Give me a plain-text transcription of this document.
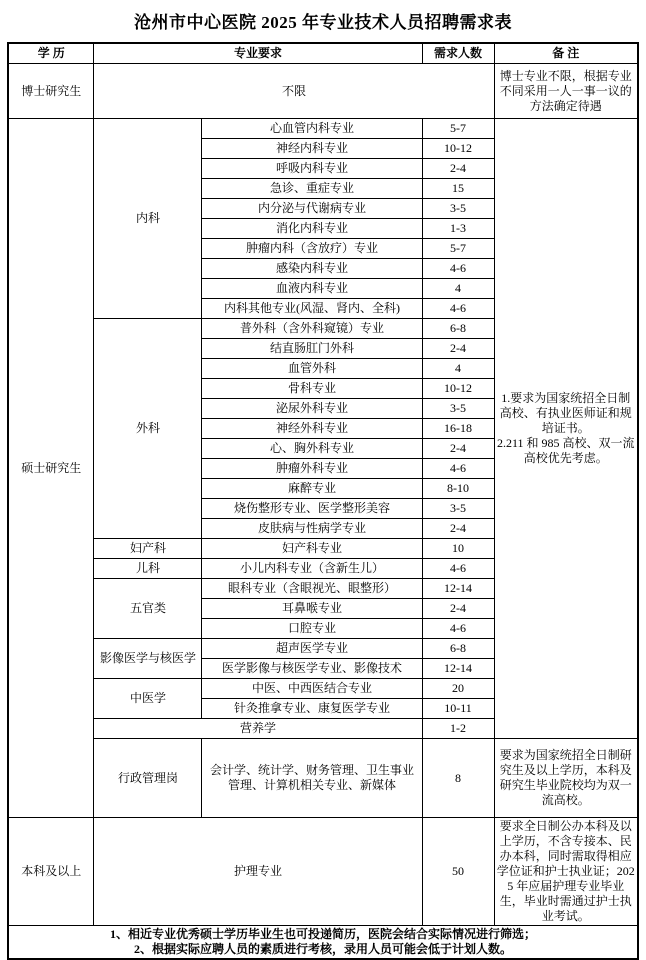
沧州市中心医院 2025 年专业技术人员招聘需求表
学 历	专业要求		需求人数	备 注
博士研究生	不限			博士专业不限，根据专业不同采用一人一事一议的方法确定待遇
硕士研究生	内科	心血管内科专业	5-7	1.要求为国家统招全日制高校、有执业医师证和规培证书。
2.211 和 985 高校、双一流高校优先考虑。

		神经内科专业	10-12	
		呼吸内科专业	2-4	
		急诊、重症专业	15	
		内分泌与代谢病专业	3-5	
		消化内科专业	1-3	
		肿瘤内科（含放疗）专业	5-7	
		感染内科专业	4-6	
		血液内科专业	4	
		内科其他专业(风湿、肾内、全科)	4-6	
	外科	普外科（含外科窥镜）专业	6-8	
		结直肠肛门外科	2-4	
		血管外科	4	
		骨科专业	10-12	
		泌尿外科专业	3-5	
		神经外科专业	16-18	
		心、胸外科专业	2-4	
		肿瘤外科专业	4-6	
		麻醉专业	8-10	
		烧伤整形专业、医学整形美容	3-5	
		皮肤病与性病学专业	2-4	
	妇产科	妇产科专业	10	
	儿科	小儿内科专业（含新生儿）	4-6	
	五官类	眼科专业（含眼视光、眼整形）	12-14	
		耳鼻喉专业	2-4	
		口腔专业	4-6	
	影像医学与核医学	超声医学专业	6-8	
		医学影像与核医学专业、影像技术	12-14	
	中医学	中医、中西医结合专业	20	
		针灸推拿专业、康复医学专业	10-11	
	营养学		1-2	
	行政管理岗	会计学、统计学、财务管理、卫生事业管理、计算机相关专业、新媒体	8	要求为国家统招全日制研究生及以上学历，本科及研究生毕业院校均为双一流高校。
本科及以上	护理专业		50	要求全日制公办本科及以上学历，不含专接本、民办本科，同时需取得相应学位证和护士执业证；2025 年应届护理专业毕业生，毕业时需通过护士执业考试。

1、相近专业优秀硕士学历毕业生也可投递简历，医院会结合实际情况进行筛选；
2、根据实际应聘人员的素质进行考核，录用人员可能会低于计划人数。				
